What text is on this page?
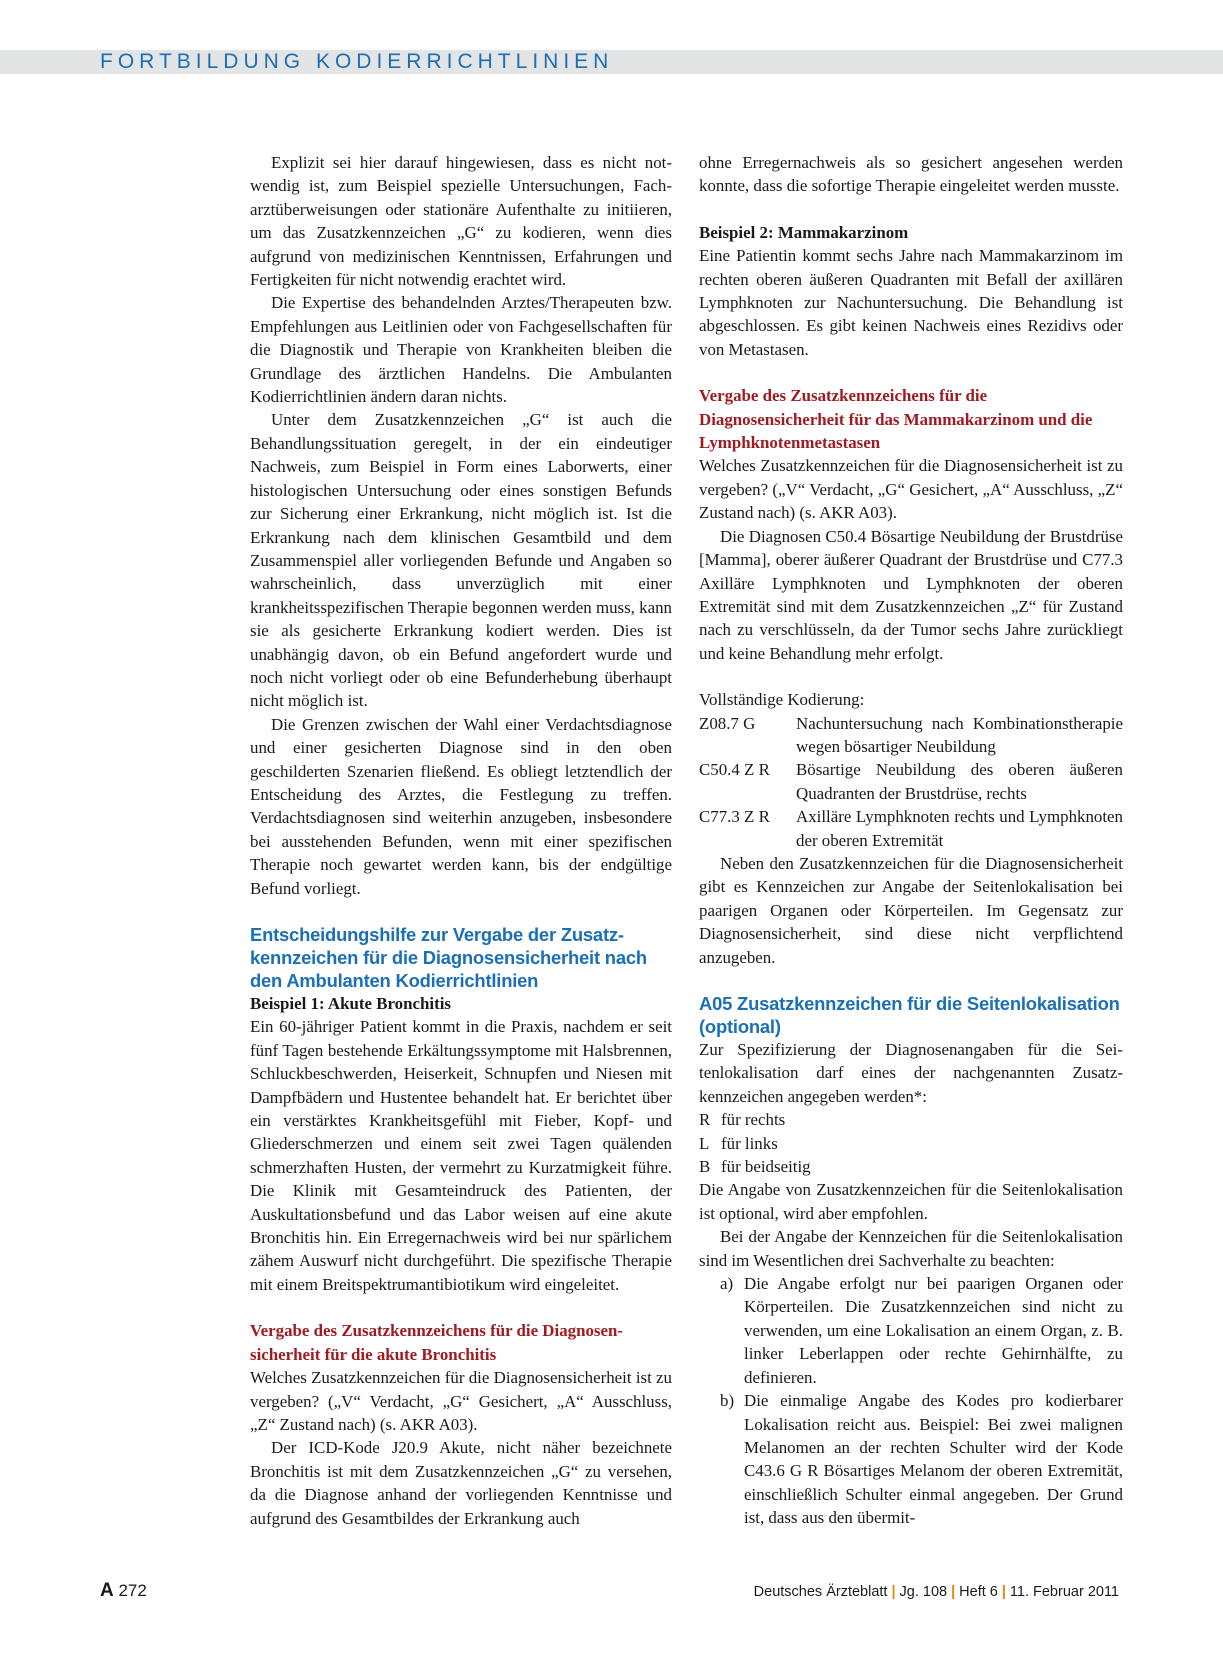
FORTBILDUNG KODIERRICHTLINIEN

Explizit sei hier darauf hingewiesen, dass es nicht notwendig ist, zum Beispiel spezielle Untersuchungen, Facharztüberweisungen oder stationäre Aufenthalte zu initiieren, um das Zusatzkennzeichen „G“ zu kodieren, wenn dies aufgrund von medizinischen Kenntnissen, Erfahrungen und Fertigkeiten für nicht notwendig erachtet wird.

Die Expertise des behandelnden Arztes/Therapeuten bzw. Empfehlungen aus Leitlinien oder von Fachgesellschaften für die Diagnostik und Therapie von Krankheiten bleiben die Grundlage des ärztlichen Handelns. Die Ambulanten Kodierrichtlinien ändern daran nichts.

Unter dem Zusatzkennzeichen „G“ ist auch die Behandlungssituation geregelt, in der ein eindeutiger Nachweis, zum Beispiel in Form eines Laborwerts, einer histologischen Untersuchung oder eines sonstigen Befunds zur Sicherung einer Erkrankung, nicht möglich ist. Ist die Erkrankung nach dem klinischen Gesamtbild und dem Zusammenspiel aller vorliegenden Befunde und Angaben so wahrscheinlich, dass unverzüglich mit einer krankheitsspezifischen Therapie begonnen werden muss, kann sie als gesicherte Erkrankung kodiert werden. Dies ist unabhängig davon, ob ein Befund angefordert wurde und noch nicht vorliegt oder ob eine Befunderhebung überhaupt nicht möglich ist.

Die Grenzen zwischen der Wahl einer Verdachtsdiagnose und einer gesicherten Diagnose sind in den oben geschilderten Szenarien fließend. Es obliegt letztendlich der Entscheidung des Arztes, die Festlegung zu treffen. Verdachtsdiagnosen sind weiterhin anzugeben, insbesondere bei ausstehenden Befunden, wenn mit einer spezifischen Therapie noch gewartet werden kann, bis der endgültige Befund vorliegt.

Entscheidungshilfe zur Vergabe der Zusatzkennzeichen für die Diagnosensicherheit nach den Ambulanten Kodierrichtlinien

Beispiel 1: Akute Bronchitis

Ein 60-jähriger Patient kommt in die Praxis, nachdem er seit fünf Tagen bestehende Erkältungssymptome mit Halsbrennen, Schluckbeschwerden, Heiserkeit, Schnupfen und Niesen mit Dampfbädern und Hustentee behandelt hat. Er berichtet über ein verstärktes Krankheitsgefühl mit Fieber, Kopf- und Gliederschmerzen und einem seit zwei Tagen quälenden schmerzhaften Husten, der vermehrt zu Kurzatmigkeit führe. Die Klinik mit Gesamteindruck des Patienten, der Auskultationsbefund und das Labor weisen auf eine akute Bronchitis hin. Ein Erregernachweis wird bei nur spärlichem zähem Auswurf nicht durchgeführt. Die spezifische Therapie mit einem Breitspektrumantibiotikum wird eingeleitet.

Vergabe des Zusatzkennzeichens für die Diagnosensicherheit für die akute Bronchitis

Welches Zusatzkennzeichen für die Diagnosensicherheit ist zu vergeben? („V“ Verdacht, „G“ Gesichert, „A“ Ausschluss, „Z“ Zustand nach) (s. AKR A03).

Der ICD-Kode J20.9 Akute, nicht näher bezeichnete Bronchitis ist mit dem Zusatzkennzeichen „G“ zu versehen, da die Diagnose anhand der vorliegenden Kenntnisse und aufgrund des Gesamtbildes der Erkrankung auch

ohne Erregernachweis als so gesichert angesehen werden konnte, dass die sofortige Therapie eingeleitet werden musste.

Beispiel 2: Mammakarzinom

Eine Patientin kommt sechs Jahre nach Mammakarzinom im rechten oberen äußeren Quadranten mit Befall der axillären Lymphknoten zur Nachuntersuchung. Die Behandlung ist abgeschlossen. Es gibt keinen Nachweis eines Rezidivs oder von Metastasen.

Vergabe des Zusatzkennzeichens für die Diagnosensicherheit für das Mammakarzinom und die Lymphknotenmetastasen

Welches Zusatzkennzeichen für die Diagnosensicherheit ist zu vergeben? („V“ Verdacht, „G“ Gesichert, „A“ Ausschluss, „Z“ Zustand nach) (s. AKR A03).

Die Diagnosen C50.4 Bösartige Neubildung der Brustdrüse [Mamma], oberer äußerer Quadrant der Brustdrüse und C77.3 Axilläre Lymphknoten und Lymphknoten der oberen Extremität sind mit dem Zusatzkennzeichen „Z“ für Zustand nach zu verschlüsseln, da der Tumor sechs Jahre zurückliegt und keine Behandlung mehr erfolgt.

Vollständige Kodierung:

Z08.7 G	Nachuntersuchung nach Kombinationstherapie wegen bösartiger Neubildung
C50.4 Z R	Bösartige Neubildung des oberen äußeren Quadranten der Brustdrüse, rechts
C77.3 Z R	Axilläre Lymphknoten rechts und Lymphknoten der oberen Extremität

Neben den Zusatzkennzeichen für die Diagnosensicherheit gibt es Kennzeichen zur Angabe der Seitenlokalisation bei paarigen Organen oder Körperteilen. Im Gegensatz zur Diagnosensicherheit, sind diese nicht verpflichtend anzugeben.

A05 Zusatzkennzeichen für die Seitenlokalisation (optional)

Zur Spezifizierung der Diagnosenangaben für die Seitenlokalisation darf eines der nachgenannten Zusatzkennzeichen angegeben werden*:

R für rechts
L für links
B für beidseitig

Die Angabe von Zusatzkennzeichen für die Seitenlokalisation ist optional, wird aber empfohlen.

Bei der Angabe der Kennzeichen für die Seitenlokalisation sind im Wesentlichen drei Sachverhalte zu beachten:

a) Die Angabe erfolgt nur bei paarigen Organen oder Körperteilen. Die Zusatzkennzeichen sind nicht zu verwenden, um eine Lokalisation an einem Organ, z. B. linker Leberlappen oder rechte Gehirnhälfte, zu definieren.
b) Die einmalige Angabe des Kodes pro kodierbarer Lokalisation reicht aus. Beispiel: Bei zwei malignen Melanomen an der rechten Schulter wird der Kode C43.6 G R Bösartiges Melanom der oberen Extremität, einschließlich Schulter einmal angegeben. Der Grund ist, dass aus den übermit-
A 272	Deutsches Ärzteblatt | Jg. 108 | Heft 6 | 11. Februar 2011
